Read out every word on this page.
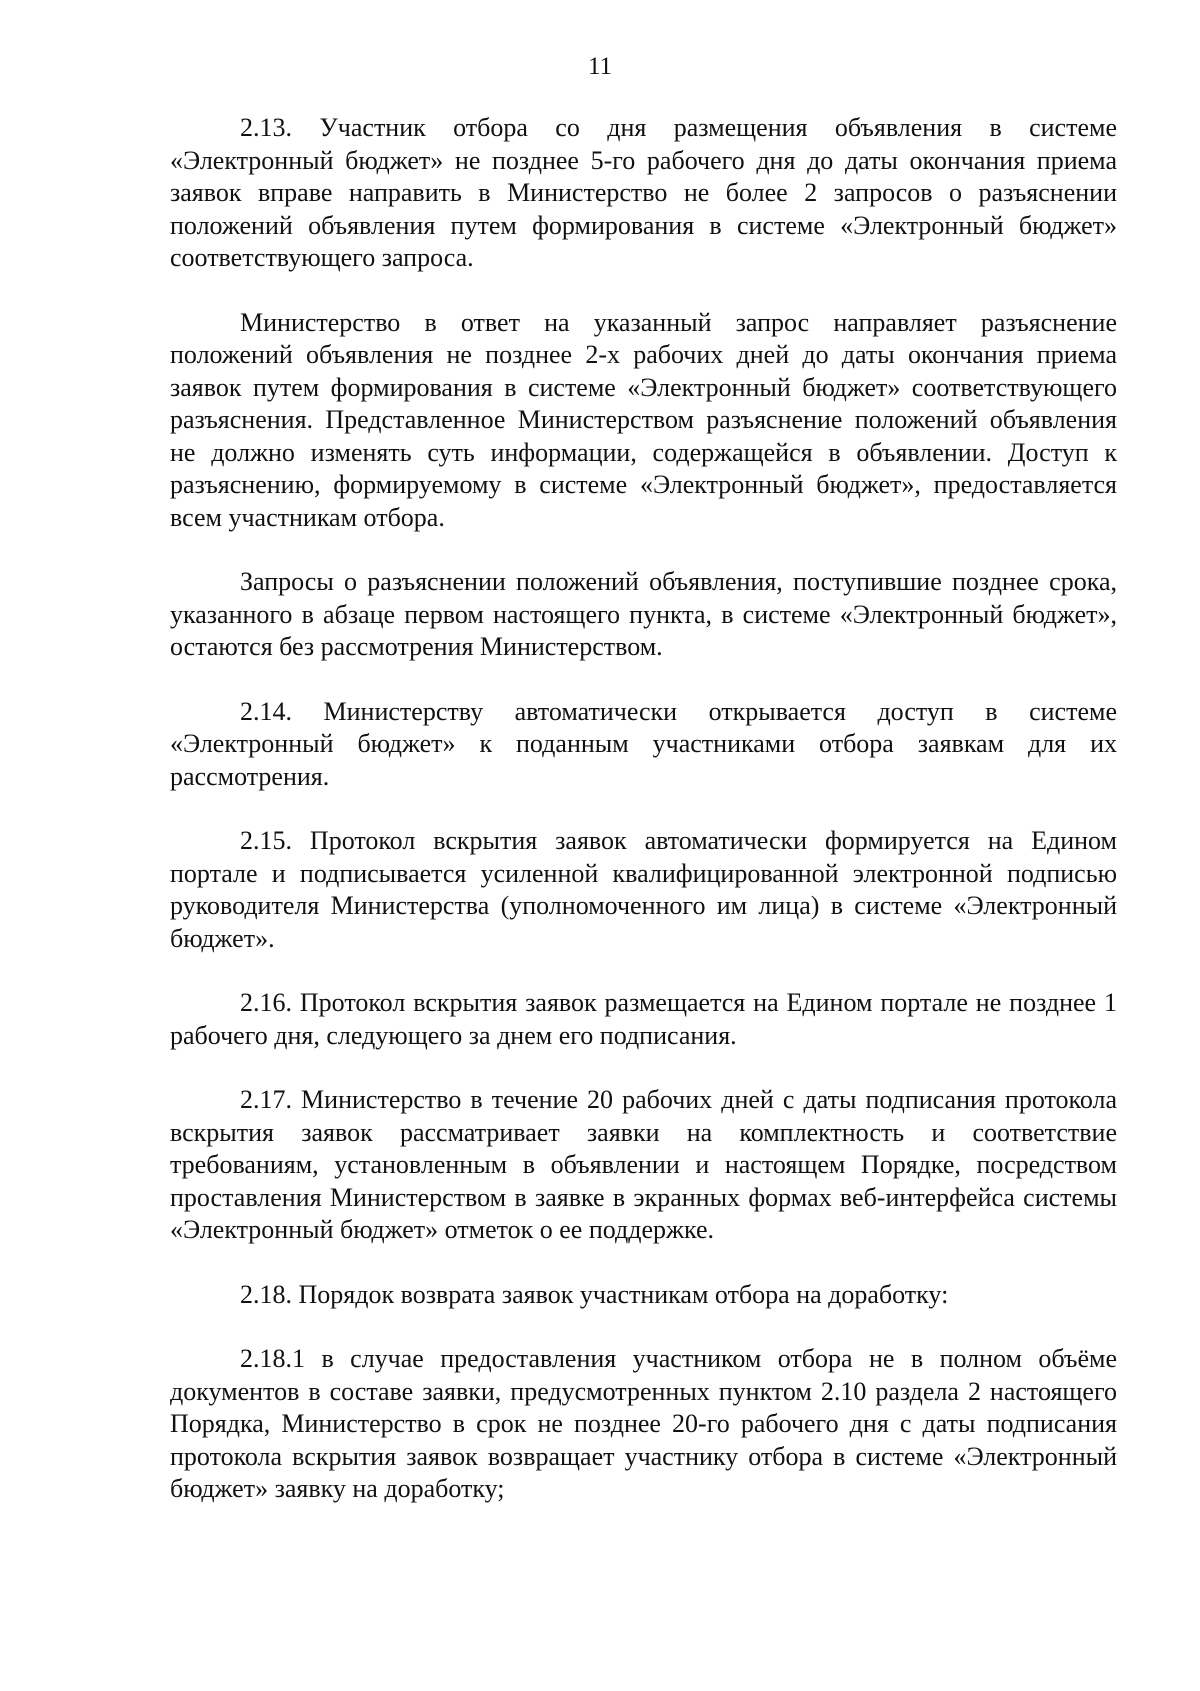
11

2.13. Участник отбора со дня размещения объявления в системе «Электронный бюджет» не позднее 5-го рабочего дня до даты окончания приема заявок вправе направить в Министерство не более 2 запросов о разъяснении положений объявления путем формирования в системе «Электронный бюджет» соответствующего запроса.

Министерство в ответ на указанный запрос направляет разъяснение положений объявления не позднее 2-х рабочих дней до даты окончания приема заявок путем формирования в системе «Электронный бюджет» соответствующего разъяснения. Представленное Министерством разъяснение положений объявления не должно изменять суть информации, содержащейся в объявлении. Доступ к разъяснению, формируемому в системе «Электронный бюджет», предоставляется всем участникам отбора.

Запросы о разъяснении положений объявления, поступившие позднее срока, указанного в абзаце первом настоящего пункта, в системе «Электронный бюджет», остаются без рассмотрения Министерством.

2.14. Министерству автоматически открывается доступ в системе «Электронный бюджет» к поданным участниками отбора заявкам для их рассмотрения.

2.15. Протокол вскрытия заявок автоматически формируется на Едином портале и подписывается усиленной квалифицированной электронной подписью руководителя Министерства (уполномоченного им лица) в системе «Электронный бюджет».

2.16. Протокол вскрытия заявок размещается на Едином портале не позднее 1 рабочего дня, следующего за днем его подписания.

2.17. Министерство в течение 20 рабочих дней с даты подписания протокола вскрытия заявок рассматривает заявки на комплектность и соответствие требованиям, установленным в объявлении и настоящем Порядке, посредством проставления Министерством в заявке в экранных формах веб-интерфейса системы «Электронный бюджет» отметок о ее поддержке.

2.18. Порядок возврата заявок участникам отбора на доработку:

2.18.1 в случае предоставления участником отбора не в полном объёме документов в составе заявки, предусмотренных пунктом 2.10 раздела 2 настоящего Порядка, Министерство в срок не позднее 20-го рабочего дня с даты подписания протокола вскрытия заявок возвращает участнику отбора в системе «Электронный бюджет» заявку на доработку;
